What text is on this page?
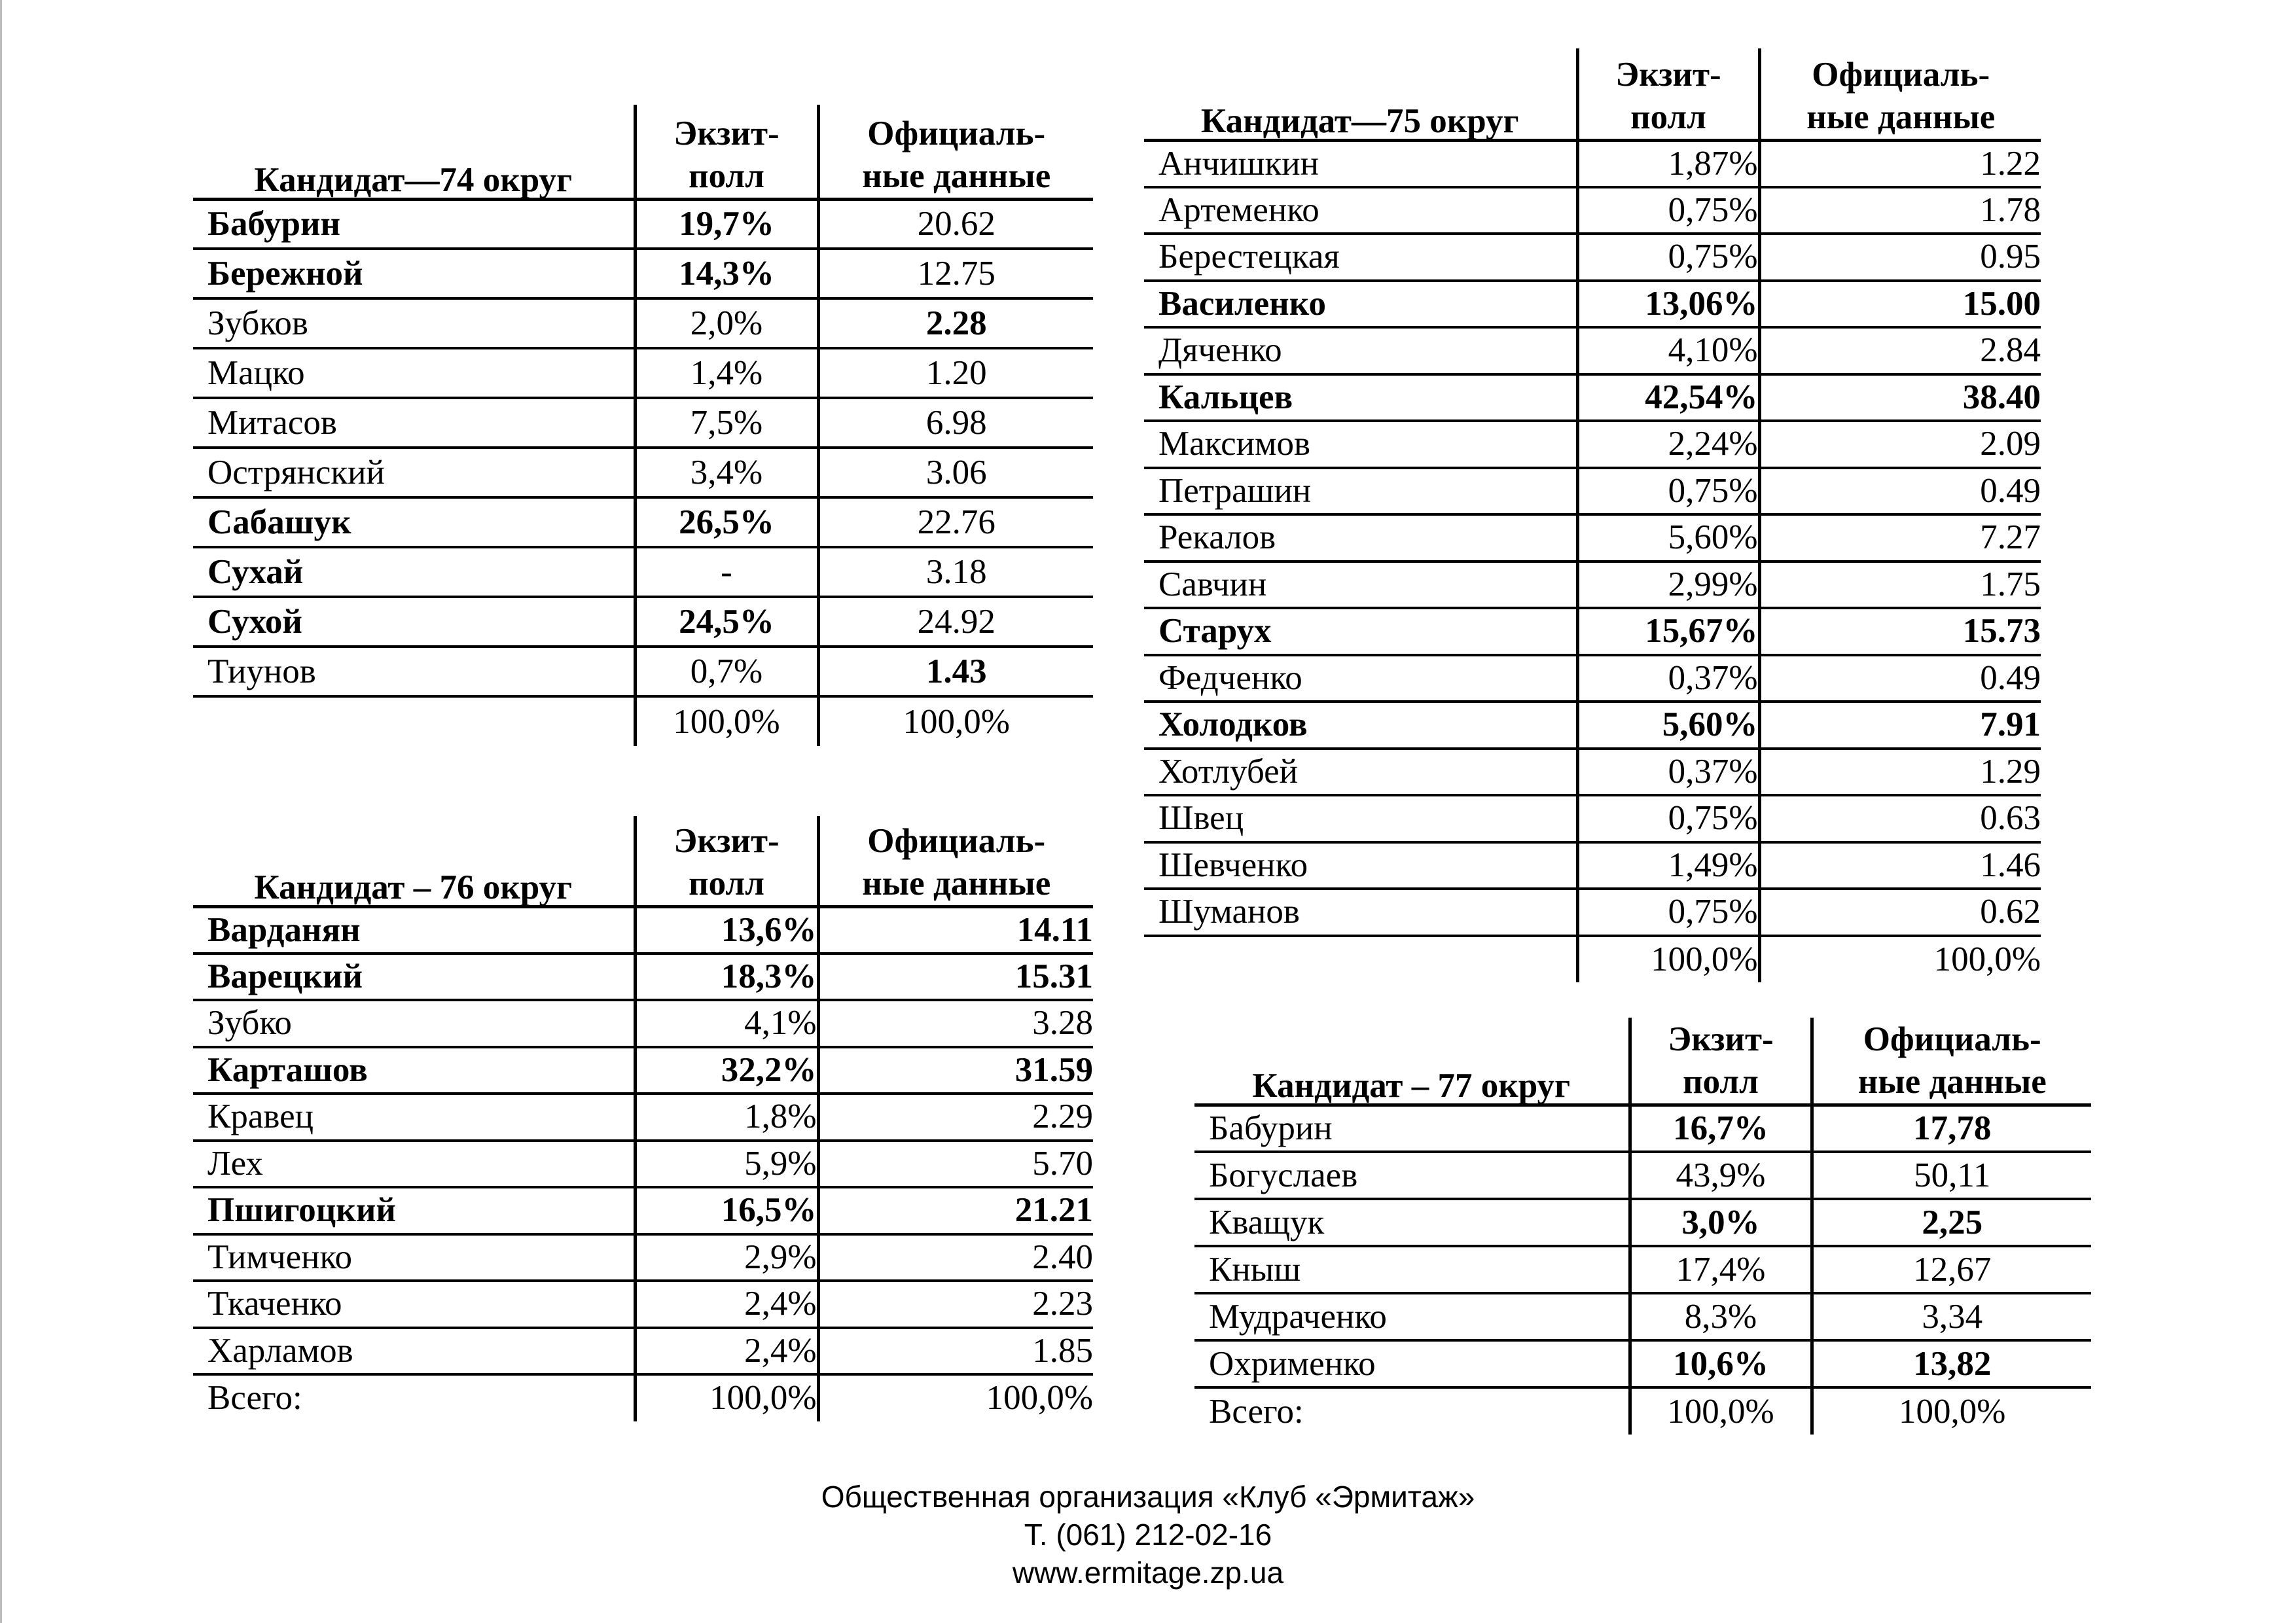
Кандидат—74 округ	Экзит-
полл	Официаль-
ные данные
Бабурин	19,7%	20.62
Бережной	14,3%	12.75
Зубков	2,0%	2.28
Мацко	1,4%	1.20
Митасов	7,5%	6.98
Острянский	3,4%	3.06
Сабашук	26,5%	22.76
Сухай	-	3.18
Сухой	24,5%	24.92
Тиунов	0,7%	1.43
	100,0%	100,0%
Кандидат—75 округ	Экзит-
полл	Официаль-
ные данные
Анчишкин	1,87%	1.22
Артеменко	0,75%	1.78
Берестецкая	0,75%	0.95
Василенко	13,06%	15.00
Дяченко	4,10%	2.84
Кальцев	42,54%	38.40
Максимов	2,24%	2.09
Петрашин	0,75%	0.49
Рекалов	5,60%	7.27
Савчин	2,99%	1.75
Старух	15,67%	15.73
Федченко	0,37%	0.49
Холодков	5,60%	7.91
Хотлубей	0,37%	1.29
Швец	0,75%	0.63
Шевченко	1,49%	1.46
Шуманов	0,75%	0.62
	100,0%	100,0%
Кандидат – 76 округ	Экзит-
полл	Официаль-
ные данные
Варданян	13,6%	14.11
Варецкий	18,3%	15.31
Зубко	4,1%	3.28
Карташов	32,2%	31.59
Кравец	1,8%	2.29
Лех	5,9%	5.70
Пшигоцкий	16,5%	21.21
Тимченко	2,9%	2.40
Ткаченко	2,4%	2.23
Харламов	2,4%	1.85
Всего:	100,0%	100,0%
Кандидат – 77 округ	Экзит-
полл	Официаль-
ные данные
Бабурин	16,7%	17,78
Богуслаев	43,9%	50,11
Кващук	3,0%	2,25
Кныш	17,4%	12,67
Мудраченко	8,3%	3,34
Охрименко	10,6%	13,82
Всего:	100,0%	100,0%
Общественная организация «Клуб «Эрмитаж»
Т. (061) 212-02-16
www.ermitage.zp.ua
